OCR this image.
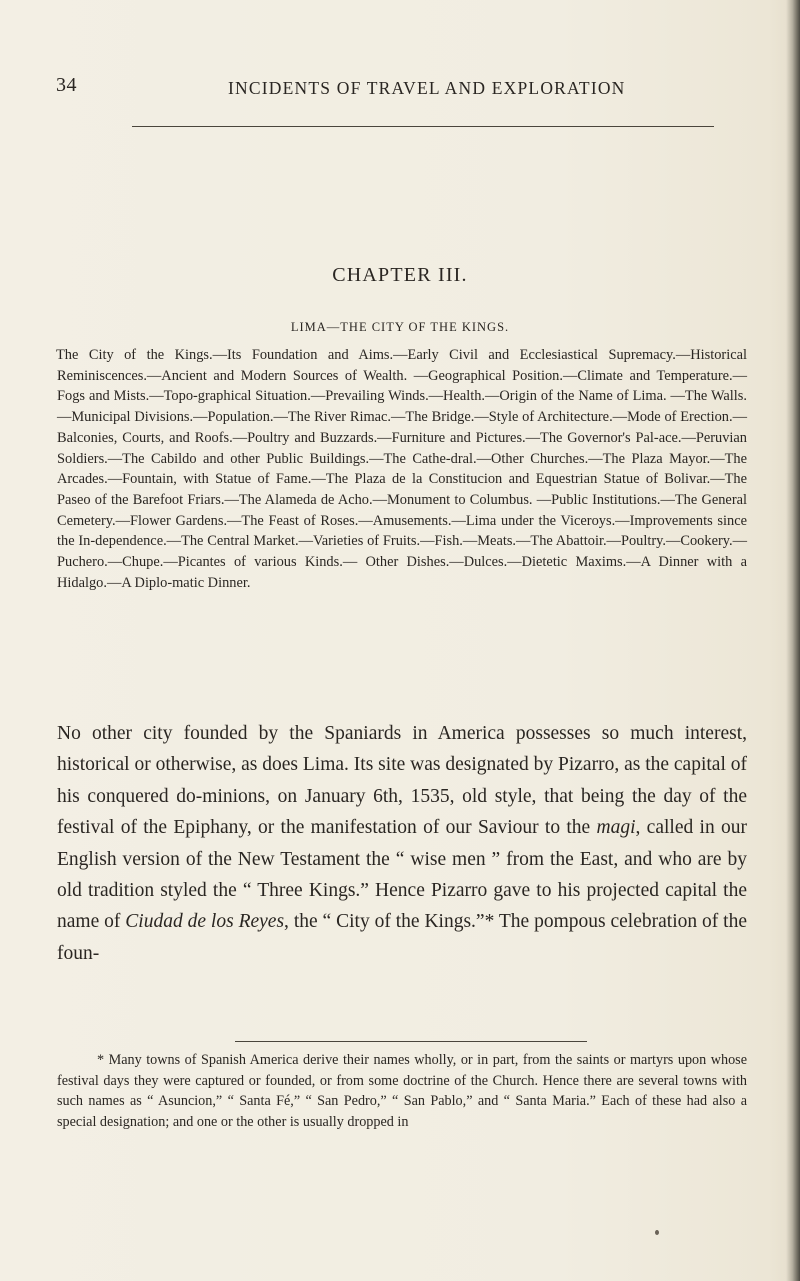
34	INCIDENTS OF TRAVEL AND EXPLORATION
CHAPTER III.

LIMA—THE CITY OF THE KINGS.

The City of the Kings.—Its Foundation and Aims.—Early Civil and Ecclesiastical Supremacy.—Historical Reminiscences.—Ancient and Modern Sources of Wealth. —Geographical Position.—Climate and Temperature.—Fogs and Mists.—Topo-graphical Situation.—Prevailing Winds.—Health.—Origin of the Name of Lima. —The Walls.—Municipal Divisions.—Population.—The River Rimac.—The Bridge.—Style of Architecture.—Mode of Erection.—Balconies, Courts, and Roofs.—Poultry and Buzzards.—Furniture and Pictures.—The Governor's Pal-ace.—Peruvian Soldiers.—The Cabildo and other Public Buildings.—The Cathe-dral.—Other Churches.—The Plaza Mayor.—The Arcades.—Fountain, with Statue of Fame.—The Plaza de la Constitucion and Equestrian Statue of Bolivar.—The Paseo of the Barefoot Friars.—The Alameda de Acho.—Monument to Columbus. —Public Institutions.—The General Cemetery.—Flower Gardens.—The Feast of Roses.—Amusements.—Lima under the Viceroys.—Improvements since the In-dependence.—The Central Market.—Varieties of Fruits.—Fish.—Meats.—The Abattoir.—Poultry.—Cookery.—Puchero.—Chupe.—Picantes of various Kinds.— Other Dishes.—Dulces.—Dietetic Maxims.—A Dinner with a Hidalgo.—A Diplo-matic Dinner.

No other city founded by the Spaniards in America possesses so much interest, historical or otherwise, as does Lima. Its site was designated by Pizarro, as the capital of his conquered do-minions, on January 6th, 1535, old style, that being the day of the festival of the Epiphany, or the manifestation of our Saviour to the magi, called in our English version of the New Testament the “ wise men ” from the East, and who are by old tradition styled the “ Three Kings.” Hence Pizarro gave to his projected capital the name of Ciudad de los Reyes, the “ City of the Kings.”* The pompous celebration of the foun-

* Many towns of Spanish America derive their names wholly, or in part, from the saints or martyrs upon whose festival days they were captured or founded, or from some doctrine of the Church. Hence there are several towns with such names as “ Asuncion,” “ Santa Fé,” “ San Pedro,” “ San Pablo,” and “ Santa Maria.” Each of these had also a special designation; and one or the other is usually dropped in
